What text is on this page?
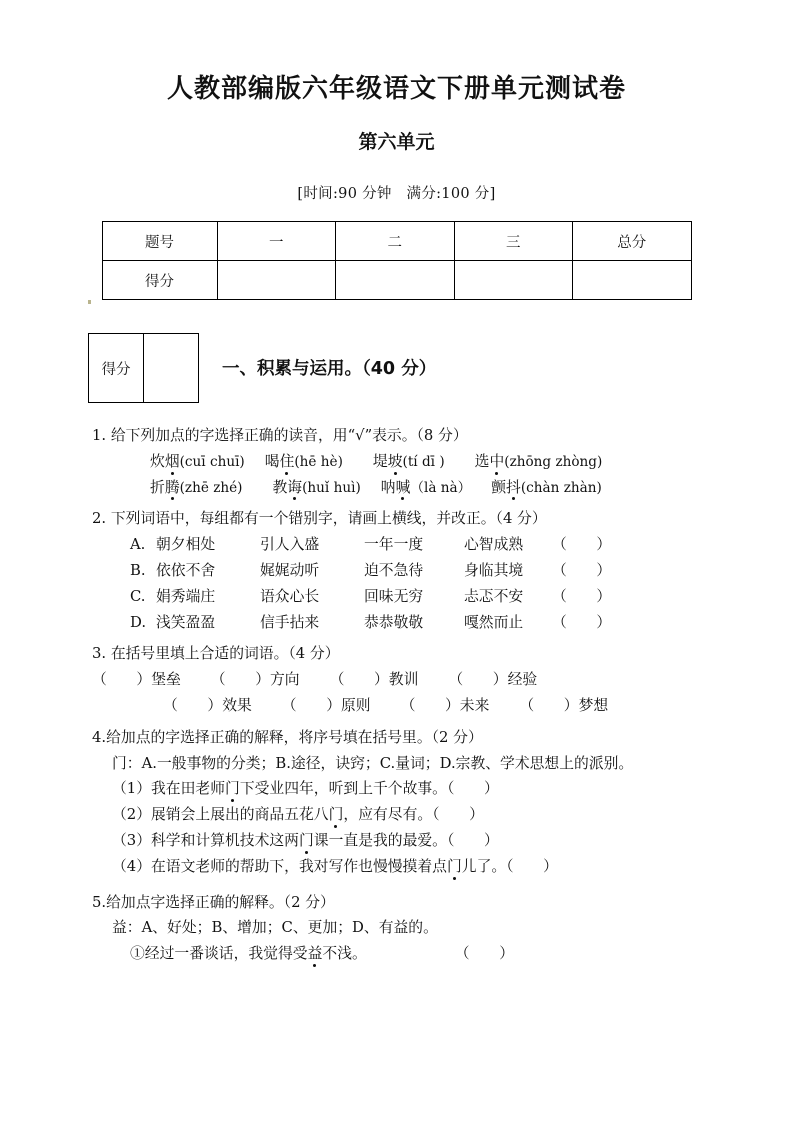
人教部编版六年级语文下册单元测试卷
第六单元

[时间:90 分钟 满分:100 分]

题号	一	二	三	总分
得分				
得分	一、积累与运用。（40 分）
1. 给下列加点的字选择正确的读音，用“√”表示。（8 分）
炊烟(cuī chuī) 喝住(hē hè) 堤坡(tí dī ) 选中(zhōng zhòng)
折腾(zhē zhé) 教诲(huǐ huì) 呐喊（là nà） 颤抖(chàn zhàn)
2. 下列词语中，每组都有一个错别字，请画上横线，并改正。（4 分）
A. 朝夕相处	引人入盛	一年一度	心智成熟 （　　）
B. 依依不舍	娓娓动听	迫不急待	身临其境 （　　）
C. 娟秀端庄	语众心长	回味无穷	忐忑不安 （　　）
D. 浅笑盈盈	信手拈来	恭恭敬敬	嘎然而止 （　　）
3. 在括号里填上合适的词语。（4 分）
（　　）堡垒 （　　）方向 （　　）教训 （　　）经验
（　　）效果 （　　）原则 （　　）未来 （　　）梦想
4.给加点的字选择正确的解释，将序号填在括号里。（2 分）
门：A.一般事物的分类；B.途径，诀窍；C.量词；D.宗教、学术思想上的派别。
（1）我在田老师门下受业四年，听到上千个故事。（　　）
（2）展销会上展出的商品五花八门，应有尽有。（　　）
（3）科学和计算机技术这两门课一直是我的最爱。（　　）
（4）在语文老师的帮助下，我对写作也慢慢摸着点门儿了。（　　）
5.给加点字选择正确的解释。（2 分）
益：A、好处；B、增加；C、更加；D、有益的。
①经过一番谈话，我觉得受益不浅。	（　　）
